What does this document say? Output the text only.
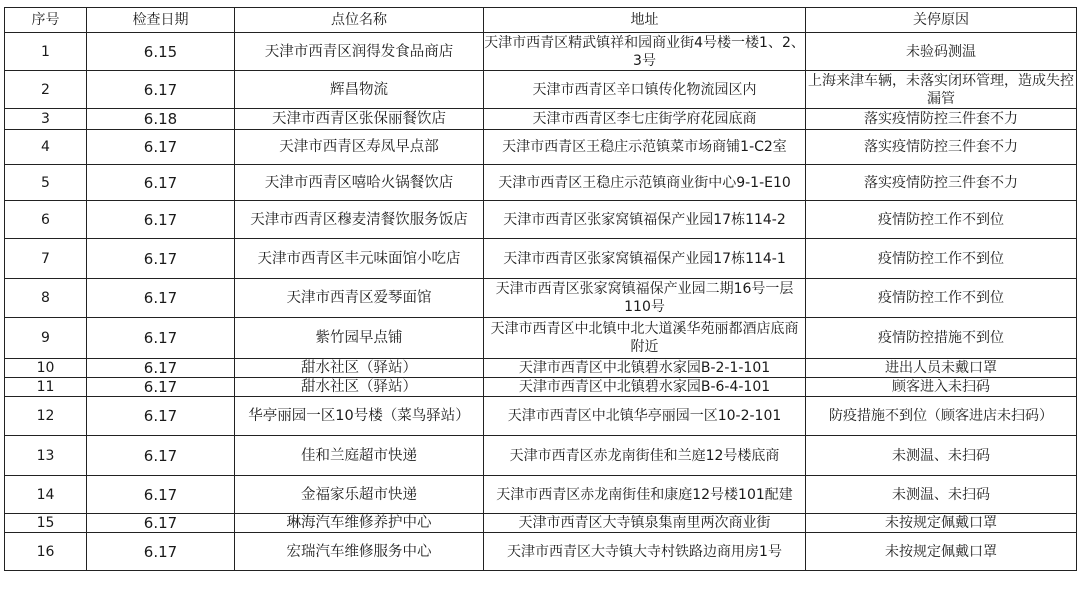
序号	检查日期	点位名称	地址	关停原因
1	6.15	天津市西青区润得发食品商店	天津市西青区精武镇祥和园商业街4号楼一楼1、2、3号	未验码测温
2	6.17	辉昌物流	天津市西青区辛口镇传化物流园区内	上海来津车辆，未落实闭环管理，造成失控漏管
3	6.18	天津市西青区张保丽餐饮店	天津市西青区李七庄街学府花园底商	落实疫情防控三件套不力
4	6.17	天津市西青区寿凤早点部	天津市西青区王稳庄示范镇菜市场商铺1-C2室	落实疫情防控三件套不力
5	6.17	天津市西青区嘻哈火锅餐饮店	天津市西青区王稳庄示范镇商业街中心9-1-E10	落实疫情防控三件套不力
6	6.17	天津市西青区穆麦清餐饮服务饭店	天津市西青区张家窝镇福保产业园17栋114-2	疫情防控工作不到位
7	6.17	天津市西青区丰元味面馆小吃店	天津市西青区张家窝镇福保产业园17栋114-1	疫情防控工作不到位
8	6.17	天津市西青区爱琴面馆	天津市西青区张家窝镇福保产业园二期16号一层110号	疫情防控工作不到位
9	6.17	紫竹园早点铺	天津市西青区中北镇中北大道溪华苑丽都酒店底商附近	疫情防控措施不到位
10	6.17	甜水社区（驿站）	天津市西青区中北镇碧水家园B-2-1-101	进出人员未戴口罩
11	6.17	甜水社区（驿站）	天津市西青区中北镇碧水家园B-6-4-101	顾客进入未扫码
12	6.17	华亭丽园一区10号楼（菜鸟驿站）	天津市西青区中北镇华亭丽园一区10-2-101	防疫措施不到位（顾客进店未扫码）
13	6.17	佳和兰庭超市快递	天津市西青区赤龙南街佳和兰庭12号楼底商	未测温、未扫码
14	6.17	金福家乐超市快递	天津市西青区赤龙南街佳和康庭12号楼101配建	未测温、未扫码
15	6.17	琳海汽车维修养护中心	天津市西青区大寺镇泉集南里两次商业街	未按规定佩戴口罩
16	6.17	宏瑞汽车维修服务中心	天津市西青区大寺镇大寺村铁路边商用房1号	未按规定佩戴口罩
